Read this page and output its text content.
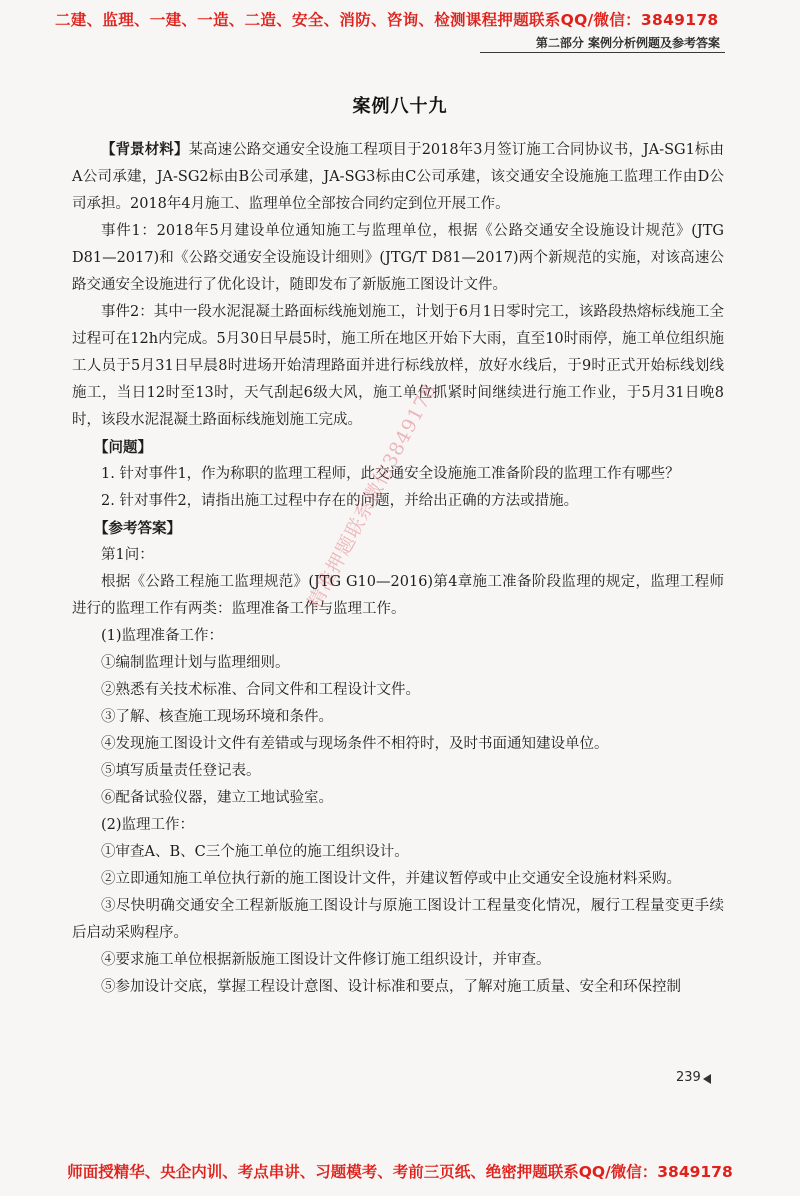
二建、监理、一建、一造、二造、安全、消防、咨询、检测课程押题联系QQ/微信：3849178
第二部分 案例分析例题及参考答案
案例八十九

【背景材料】某高速公路交通安全设施工程项目于2018年3月签订施工合同协议书，JA-SG1标由A公司承建，JA-SG2标由B公司承建，JA-SG3标由C公司承建，该交通安全设施施工监理工作由D公司承担。2018年4月施工、监理单位全部按合同约定到位开展工作。

事件1：2018年5月建设单位通知施工与监理单位，根据《公路交通安全设施设计规范》(JTG D81—2017)和《公路交通安全设施设计细则》(JTG/T D81—2017)两个新规范的实施，对该高速公路交通安全设施进行了优化设计，随即发布了新版施工图设计文件。

事件2：其中一段水泥混凝土路面标线施划施工，计划于6月1日零时完工，该路段热熔标线施工全过程可在12h内完成。5月30日早晨5时，施工所在地区开始下大雨，直至10时雨停，施工单位组织施工人员于5月31日早晨8时进场开始清理路面并进行标线放样，放好水线后，于9时正式开始标线划线施工，当日12时至13时，天气刮起6级大风，施工单位抓紧时间继续进行施工作业，于5月31日晚8时，该段水泥混凝土路面标线施划施工完成。

【问题】

1. 针对事件1，作为称职的监理工程师，此交通安全设施施工准备阶段的监理工作有哪些？

2. 针对事件2，请指出施工过程中存在的问题，并给出正确的方法或措施。

【参考答案】

第1问：

根据《公路工程施工监理规范》(JTG G10—2016)第4章施工准备阶段监理的规定，监理工程师进行的监理工作有两类：监理准备工作与监理工作。

(1)监理准备工作：

①编制监理计划与监理细则。

②熟悉有关技术标准、合同文件和工程设计文件。

③了解、核查施工现场环境和条件。

④发现施工图设计文件有差错或与现场条件不相符时，及时书面通知建设单位。

⑤填写质量责任登记表。

⑥配备试验仪器，建立工地试验室。

(2)监理工作：

①审查A、B、C三个施工单位的施工组织设计。

②立即通知施工单位执行新的施工图设计文件，并建议暂停或中止交通安全设施材料采购。

③尽快明确交通安全工程新版施工图设计与原施工图设计工程量变化情况，履行工程量变更手续后启动采购程序。

④要求施工单位根据新版施工图设计文件修订施工组织设计，并审查。

⑤参加设计交底，掌握工程设计意图、设计标准和要点，了解对施工质量、安全和环保控制

精准押题联系微信3849178
239
师面授精华、央企内训、考点串讲、习题模考、考前三页纸、绝密押题联系QQ/微信：3849178
